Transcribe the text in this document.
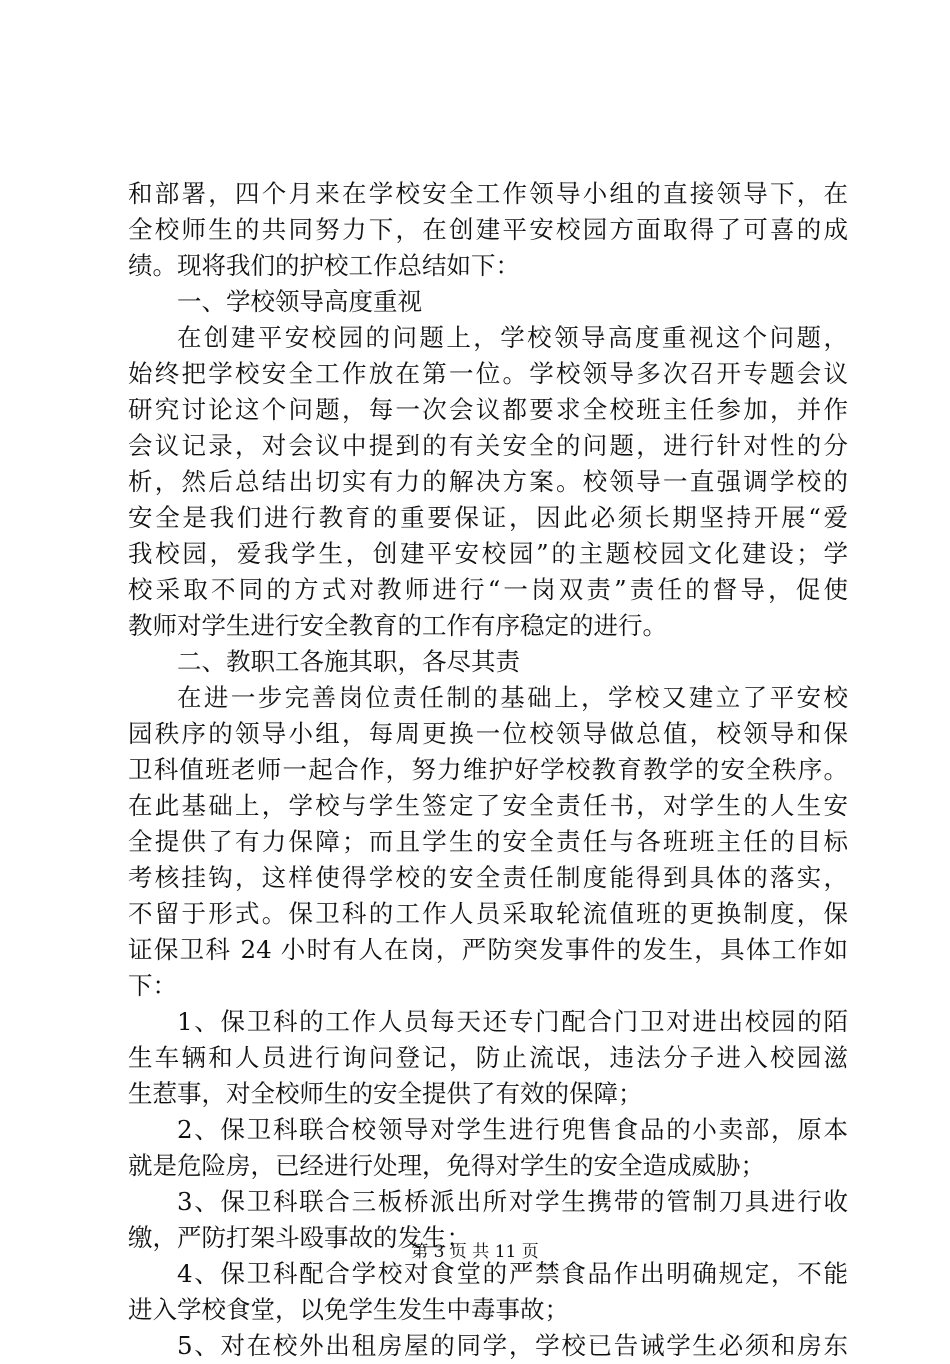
和部署，四个月来在学校安全工作领导小组的直接领导下，在
全校师生的共同努力下，在创建平安校园方面取得了可喜的成
绩。现将我们的护校工作总结如下：
一、学校领导高度重视
在创建平安校园的问题上，学校领导高度重视这个问题，
始终把学校安全工作放在第一位。学校领导多次召开专题会议
研究讨论这个问题，每一次会议都要求全校班主任参加，并作
会议记录，对会议中提到的有关安全的问题，进行针对性的分
析，然后总结出切实有力的解决方案。校领导一直强调学校的
安全是我们进行教育的重要保证，因此必须长期坚持开展“爱
我校园，爱我学生，创建平安校园”的主题校园文化建设；学
校采取不同的方式对教师进行“一岗双责”责任的督导，促使
教师对学生进行安全教育的工作有序稳定的进行。
二、教职工各施其职，各尽其责
在进一步完善岗位责任制的基础上，学校又建立了平安校
园秩序的领导小组，每周更换一位校领导做总值，校领导和保
卫科值班老师一起合作，努力维护好学校教育教学的安全秩序。
在此基础上，学校与学生签定了安全责任书，对学生的人生安
全提供了有力保障；而且学生的安全责任与各班班主任的目标
考核挂钩，这样使得学校的安全责任制度能得到具体的落实，
不留于形式。保卫科的工作人员采取轮流值班的更换制度，保
证保卫科 24 小时有人在岗，严防突发事件的发生，具体工作如
下：
1、保卫科的工作人员每天还专门配合门卫对进出校园的陌
生车辆和人员进行询问登记，防止流氓，违法分子进入校园滋
生惹事，对全校师生的安全提供了有效的保障；
2、保卫科联合校领导对学生进行兜售食品的小卖部，原本
就是危险房，已经进行处理，免得对学生的安全造成威胁；
3、保卫科联合三板桥派出所对学生携带的管制刀具进行收
缴，严防打架斗殴事故的发生；
4、保卫科配合学校对食堂的严禁食品作出明确规定，不能
进入学校食堂，以免学生发生中毒事故；
5、对在校外出租房屋的同学，学校已告诫学生必须和房东
第 3 页 共 11 页
